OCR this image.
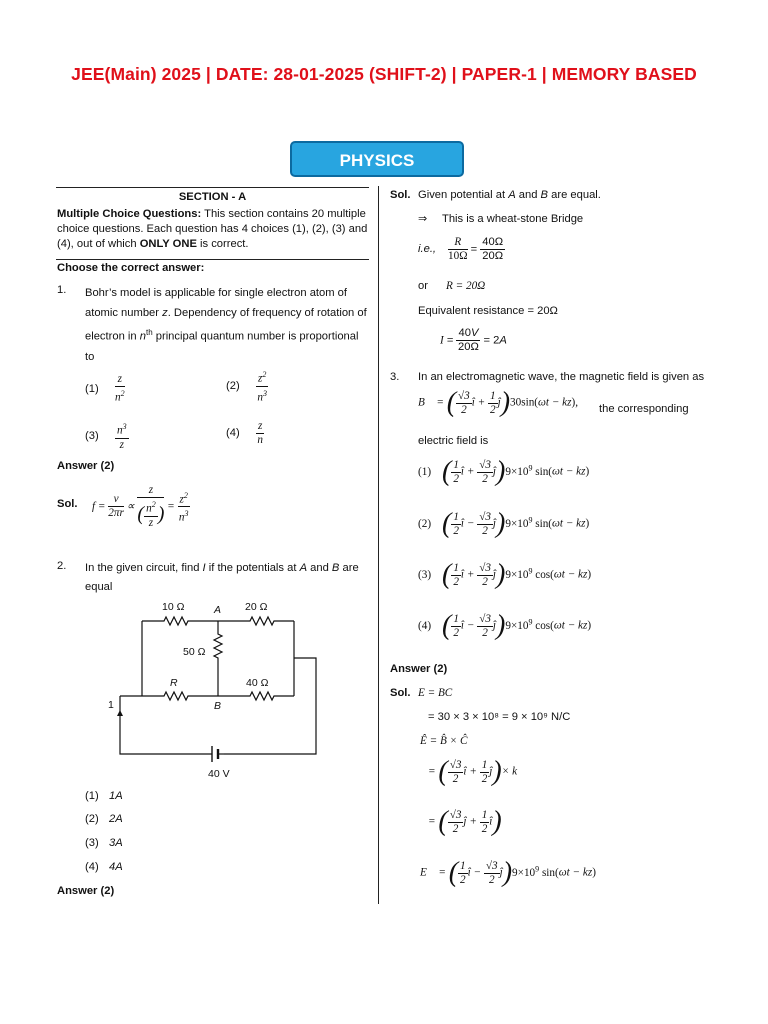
JEE(Main) 2025 | DATE: 28-01-2025 (SHIFT-2) | PAPER-1 | MEMORY BASED
PHYSICS
SECTION - A
Multiple Choice Questions: This section contains 20 multiple choice questions. Each question has 4 choices (1), (2), (3) and (4), out of which ONLY ONE is correct.
Choose the correct answer:
1. Bohr’s model is applicable for single electron atom of
atomic number z. Dependency of frequency of rotation of
electron in $n^{th}$ principal quantum number is proportional
to
$(1) \frac{z}{n^2}$	$(2) \frac{z^2}{n^3}$
$(3) \frac{n^3}{z}$	$(4) \frac{z}{n}$
Answer (2)
Sol. $f = \frac{v}{2\pi r} \propto \frac{z}{( \frac{n^2}{z} )} = \frac{z^2}{n^3}$
2. In the given circuit, find I if the potentials at A and B are
equal
10 Ω	20 Ω
A
50 Ω
R	40 Ω
B
1
40 V
(1) 1A
(2) 2A
(3) 3A
(4) 4A
Answer (2)
Sol. Given potential at A and B are equal.
⇒ This is a wheat-stone Bridge
i.e., $\frac{R}{10\Omega} = \frac{40\Omega}{20\Omega}$
or R = 20Ω
Equivalent resistance = 20Ω
$I = \frac{40V}{20\Omega} = 2A$
3. In an electromagnetic wave, the magnetic field is given as
B⃗ = ( $\frac{√3}{2}$ î + $\frac{1}{2}$ ĵ)30sin(ωt − kz),
the corresponding
electric field is
(1) ( $\frac{1}{2}$ î + $\frac{√3}{2}$ $ĵ)9\times 10^9$ sin(ωt − kz)
(2) ( $\frac{1}{2}$ î − $\frac{√3}{2}$ $ĵ)9\times 10^9$ sin(ωt − kz)
(3) ( $\frac{1}{2}$ î + $\frac{√3}{2}$ $ĵ)9\times 10^9$ cos(ωt − kz)
(4) ( $\frac{1}{2}$ î − $\frac{√3}{2}$ $ĵ)9\times 10^9$ cos(ωt − kz)
Answer (2)
Sol. E = BC
= 30 × 3 × 10⁸ = 9 × 10⁹ N/C
Ê = B̂ × Ĉ
= ( $\frac{√3}{2}$ î + $\frac{1}{2}$ ĵ)× k
= ( $\frac{√3}{2}$ ĵ + $\frac{1}{2}$ î)
E⃗ = ( $\frac{1}{2}$ î − $\frac{√3}{2}$ $ĵ)9\times 10^9$ sin(ωt − kz)
